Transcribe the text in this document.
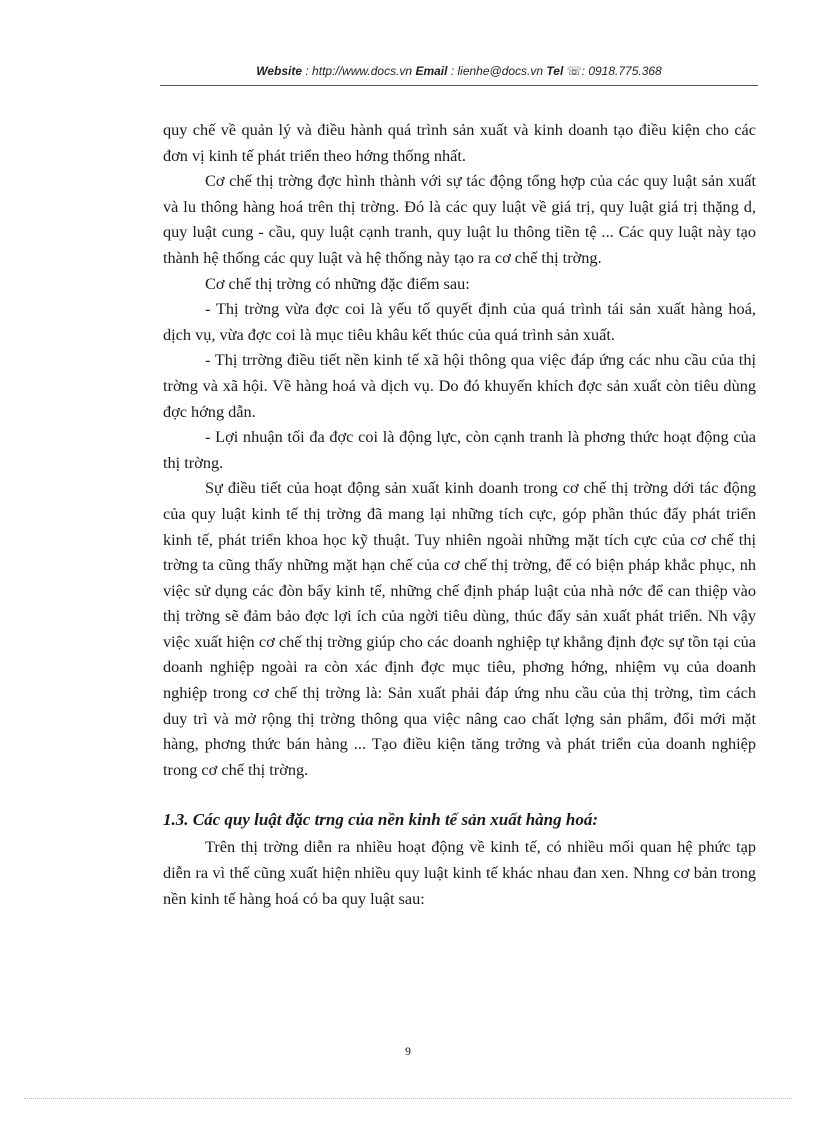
Website : http://www.docs.vn Email : lienhe@docs.vn Tel ☏: 0918.775.368

quy chế về quản lý và điều hành quá trình sản xuất và kinh doanh tạo điều kiện cho các đơn vị kinh tế phát triển theo hớng thống nhất.

Cơ chế thị trờng đợc hình thành với sự tác động tổng hợp của các quy luật sản xuất và lu thông hàng hoá trên thị trờng. Đó là các quy luật về giá trị, quy luật giá trị thặng d, quy luật cung - cầu, quy luật cạnh tranh, quy luật lu thông tiền tệ ... Các quy luật này tạo thành hệ thống các quy luật và hệ thống này tạo ra cơ chế thị trờng.

Cơ chế thị trờng có những đặc điểm sau:

- Thị trờng vừa đợc coi là yếu tố quyết định của quá trình tái sản xuất hàng hoá, dịch vụ, vừa đợc coi là mục tiêu khâu kết thúc của quá trình sản xuất.

- Thị trrờng điều tiết nền kinh tế xã hội thông qua việc đáp ứng các nhu cầu của thị trờng và xã hội. Về hàng hoá và dịch vụ. Do đó khuyến khích đợc sản xuất còn tiêu dùng đợc hớng dẫn.

- Lợi nhuận tối đa đợc coi là động lực, còn cạnh tranh là phơng thức hoạt động của thị trờng.

Sự điều tiết của hoạt động sản xuất kinh doanh trong cơ chế thị trờng dới tác động của quy luật kinh tế thị trờng đã mang lại những tích cực, góp phần thúc đẩy phát triển kinh tế, phát triển khoa học kỹ thuật. Tuy nhiên ngoài những mặt tích cực của cơ chế thị trờng ta cũng thấy những mặt hạn chế của cơ chế thị trờng, để có biện pháp khắc phục, nh việc sử dụng các đòn bẩy kinh tế, những chế định pháp luật của nhà nớc để can thiệp vào thị trờng sẽ đảm bảo đợc lợi ích của ngời tiêu dùng, thúc đẩy sản xuất phát triển. Nh vậy việc xuất hiện cơ chế thị trờng giúp cho các doanh nghiệp tự khẳng định đợc sự tồn tại của doanh nghiệp ngoài ra còn xác định đợc mục tiêu, phơng hớng, nhiệm vụ của doanh nghiệp trong cơ chế thị trờng là: Sản xuất phải đáp ứng nhu cầu của thị trờng, tìm cách duy trì và mở rộng thị trờng thông qua việc nâng cao chất lợng sản phẩm, đổi mới mặt hàng, phơng thức bán hàng ... Tạo điều kiện tăng trởng và phát triển của doanh nghiệp trong cơ chế thị trờng.

1.3. Các quy luật đặc trng của nền kinh tế sản xuất hàng hoá:

Trên thị trờng diễn ra nhiều hoạt động về kinh tế, có nhiều mối quan hệ phức tạp diễn ra vì thế cũng xuất hiện nhiều quy luật kinh tế khác nhau đan xen. Nhng cơ bản trong nền kinh tế hàng hoá có ba quy luật sau:

9
